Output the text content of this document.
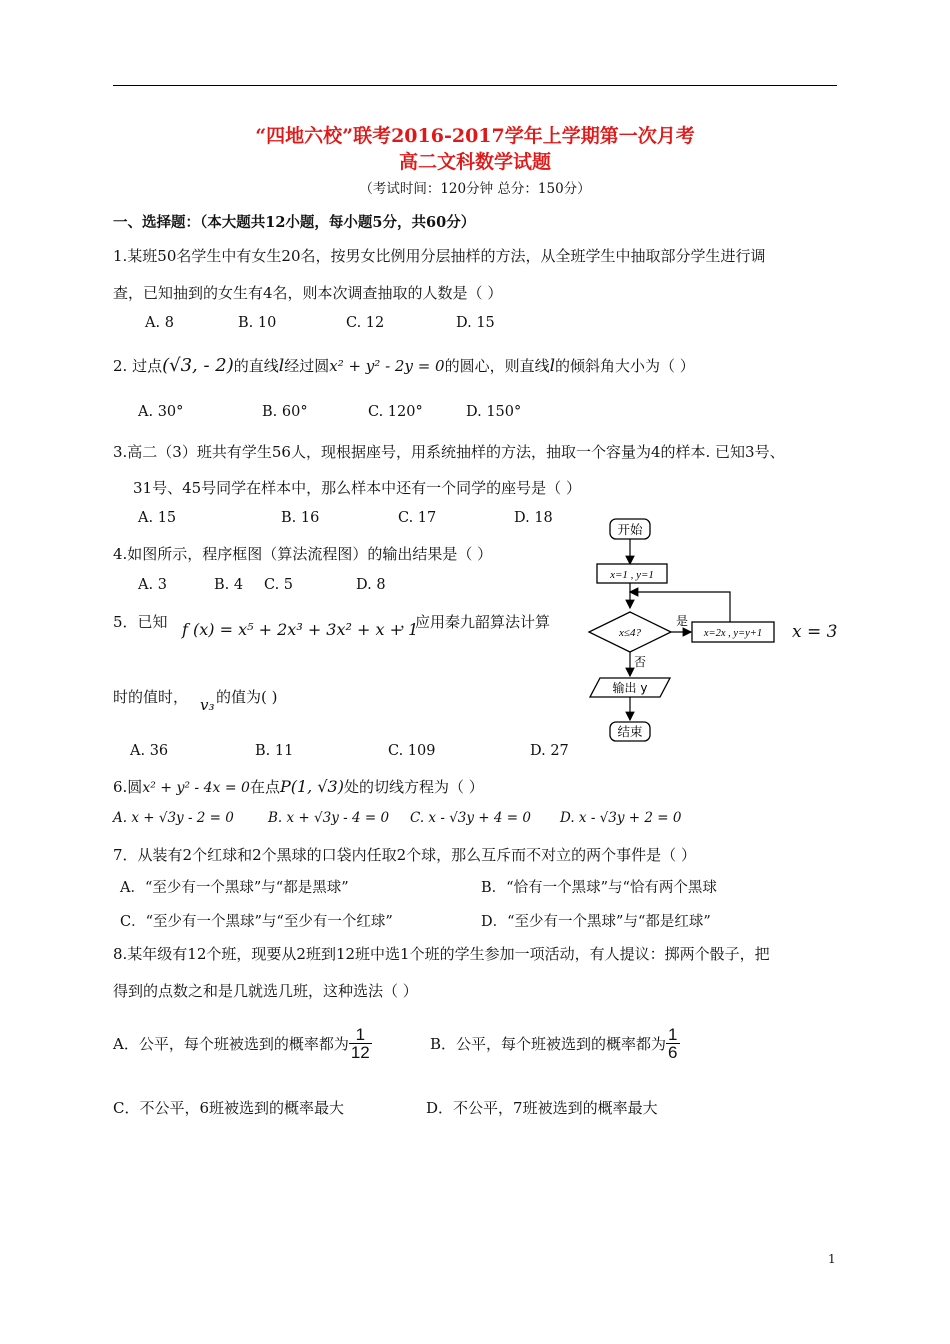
“四地六校”联考2016-2017学年上学期第一次月考
高二文科数学试题
（考试时间：120分钟 总分：150分）
一、选择题：（本大题共12小题，每小题5分，共60分）
1.某班50名学生中有女生20名，按男女比例用分层抽样的方法，从全班学生中抽取部分学生进行调
查，已知抽到的女生有4名，则本次调查抽取的人数是（ ）
A. 8	B. 10	C. 12	D. 15
2. 过点(√3, - 2)的直线l经过圆x² + y² - 2y = 0的圆心，则直线l的倾斜角大小为（ ）
A. 30°	B. 60°	C. 120°	D. 150°
3.高二（3）班共有学生56人，现根据座号，用系统抽样的方法，抽取一个容量为4的样本. 已知3号、
31号、45号同学在样本中，那么样本中还有一个同学的座号是（ ）
A. 15	B. 16	C. 17	D. 18
4.如图所示，程序框图（算法流程图）的输出结果是（ ）
A. 3	B. 4 C. 5	D. 8
5．已知 f (x) = x⁵ + 2x³ + 3x² + x + 1
，应用秦九韶算法计算	x = 3
时的值时， v₃ 的值为( )
A. 36	B. 11	C. 109	D. 27
开始
x=1 , y=1
x≤4?
是
x=2x , y=y+1
否
输出 y
结束
6.圆x² + y² - 4x = 0在点P(1, √3)处的切线方程为（ ）
A. x + √3y - 2 = 0	B. x + √3y - 4 = 0 C. x - √3y + 4 = 0 D. x - √3y + 2 = 0
7．从装有2个红球和2个黑球的口袋内任取2个球，那么互斥而不对立的两个事件是（ ）
A．“至少有一个黑球”与“都是黑球”	B．“恰有一个黑球”与“恰有两个黑球
C．“至少有一个黑球”与“至少有一个红球”	D．“至少有一个黑球”与“都是红球”
8.某年级有12个班，现要从2班到12班中选1个班的学生参加一项活动，有人提议：掷两个骰子，把
得到的点数之和是几就选几班，这种选法（ ）
A．公平，每个班被选到的概率都为 $\frac{1}{12}$	B．公平，每个班被选到的概率都为 $\frac{1}{6}$
C．不公平，6班被选到的概率最大	D．不公平，7班被选到的概率最大
1
